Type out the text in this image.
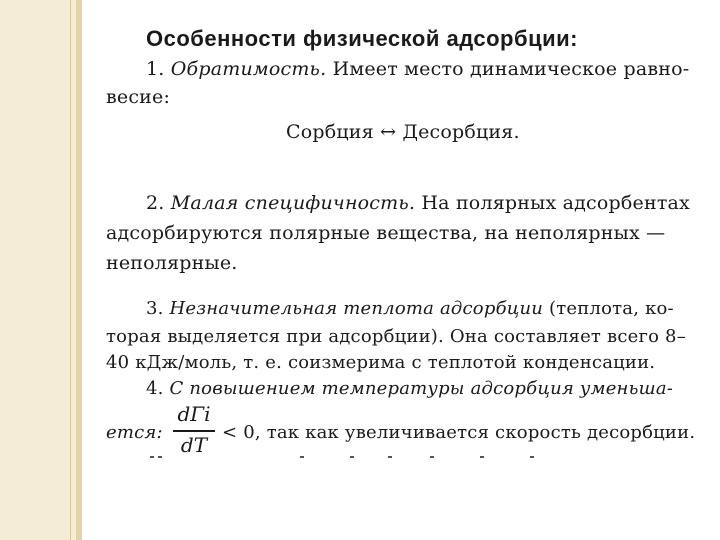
Особенности физической адсорбции:
1. Обратимость. Имеет место динамическое равно-
весие:
Сорбция ↔ Десорбция.
2. Малая специфичность. На полярных адсорбентах
адсорбируются полярные вещества, на неполярных —
неполярные.
3. Незначительная теплота адсорбции (теплота, ко-
торая выделяется при адсорбции). Она составляет всего 8–
40 кДж/моль, т. е. соизмерима с теплотой конденсации.
4. С повышением температуры адсорбция уменьша-
ется:
dΓi
dT
< 0, так как увеличивается скорость десорбции.
